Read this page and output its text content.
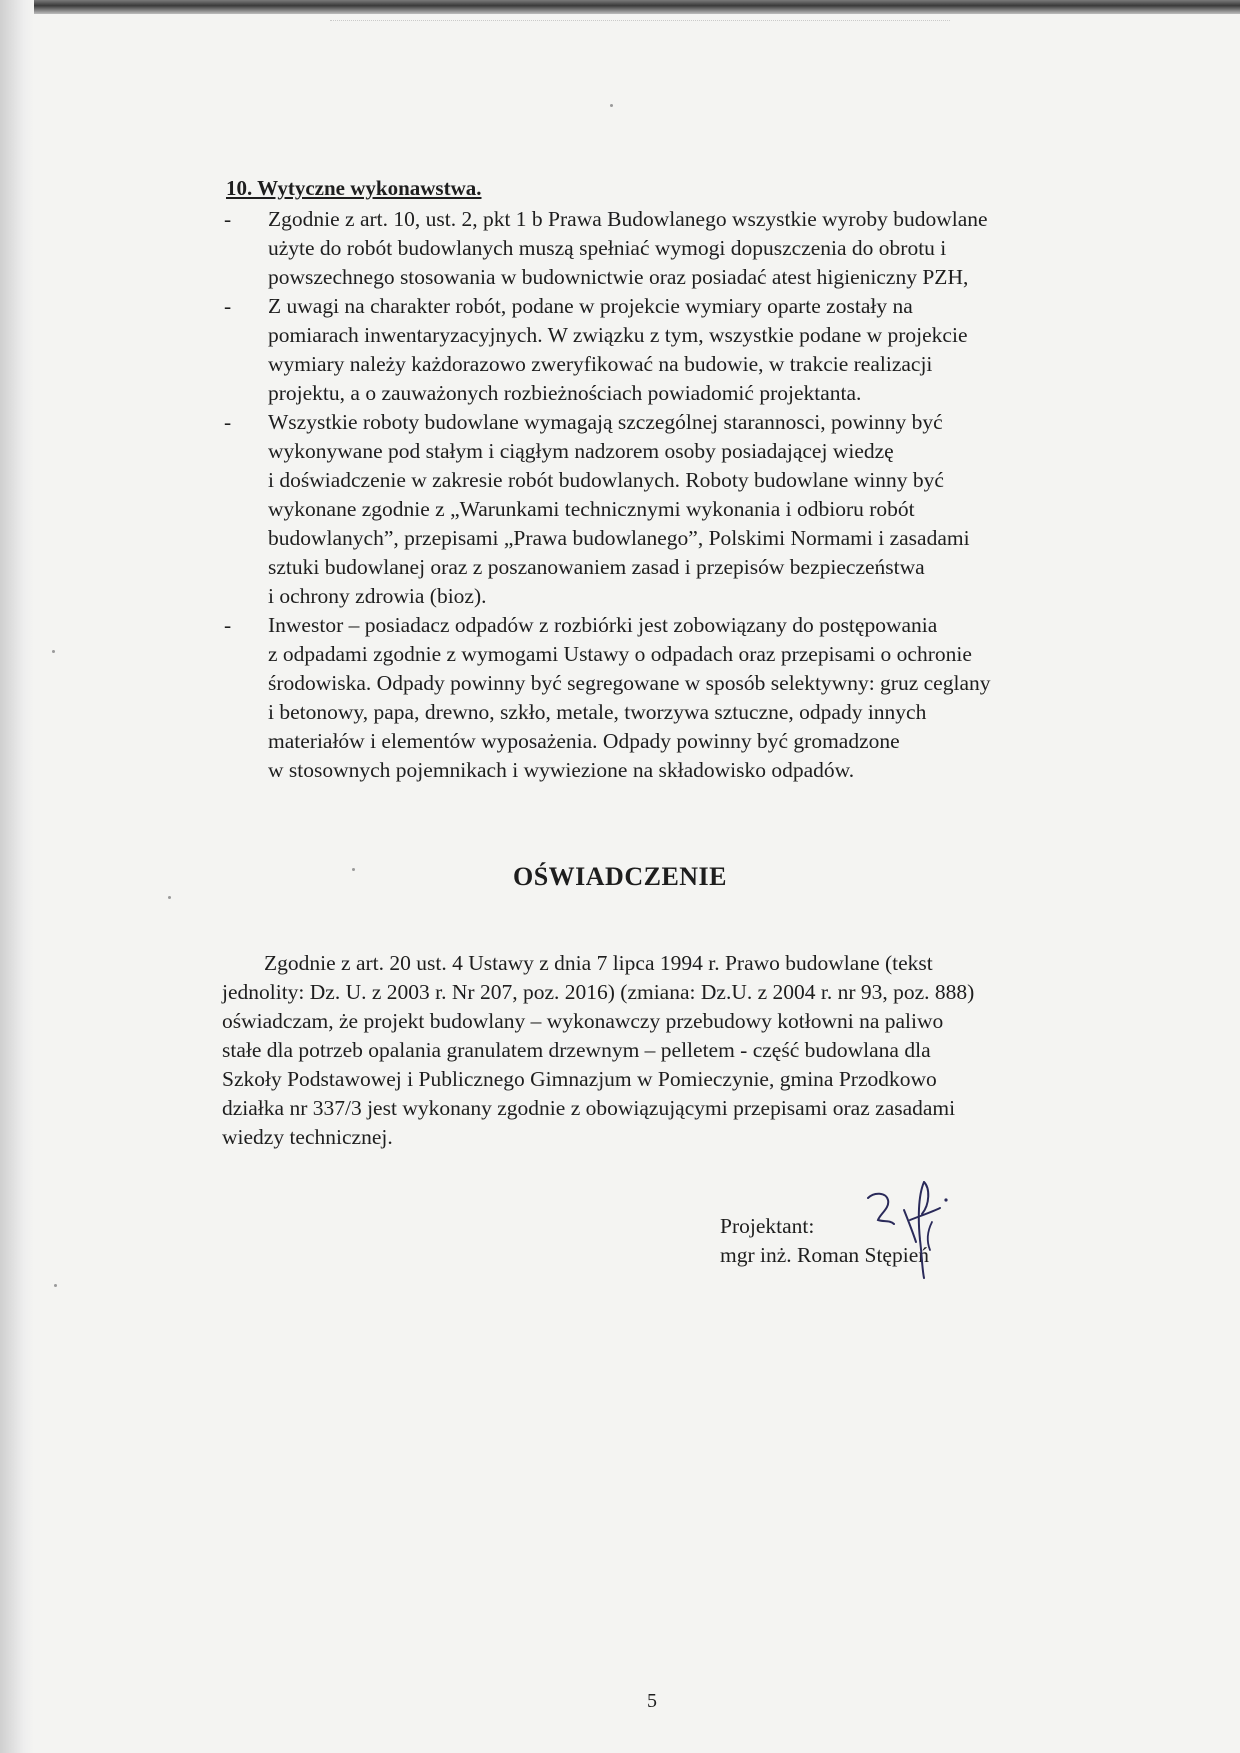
10. Wytyczne wykonawstwa.
- Zgodnie z art. 10, ust. 2, pkt 1 b Prawa Budowlanego wszystkie wyroby budowlane
użyte do robót budowlanych muszą spełniać wymogi dopuszczenia do obrotu i
powszechnego stosowania w budownictwie oraz posiadać atest higieniczny PZH,
- Z uwagi na charakter robót, podane w projekcie wymiary oparte zostały na
pomiarach inwentaryzacyjnych. W związku z tym, wszystkie podane w projekcie
wymiary należy każdorazowo zweryfikować na budowie, w trakcie realizacji
projektu, a o zauważonych rozbieżnościach powiadomić projektanta.
- Wszystkie roboty budowlane wymagają szczególnej starannosci, powinny być
wykonywane pod stałym i ciągłym nadzorem osoby posiadającej wiedzę
i doświadczenie w zakresie robót budowlanych. Roboty budowlane winny być
wykonane zgodnie z „Warunkami technicznymi wykonania i odbioru robót
budowlanych”, przepisami „Prawa budowlanego”, Polskimi Normami i zasadami
sztuki budowlanej oraz z poszanowaniem zasad i przepisów bezpieczeństwa
i ochrony zdrowia (bioz).
- Inwestor – posiadacz odpadów z rozbiórki jest zobowiązany do postępowania
z odpadami zgodnie z wymogami Ustawy o odpadach oraz przepisami o ochronie
środowiska. Odpady powinny być segregowane w sposób selektywny: gruz ceglany
i betonowy, papa, drewno, szkło, metale, tworzywa sztuczne, odpady innych
materiałów i elementów wyposażenia. Odpady powinny być gromadzone
w stosownych pojemnikach i wywiezione na składowisko odpadów.
OŚWIADCZENIE

Zgodnie z art. 20 ust. 4 Ustawy z dnia 7 lipca 1994 r. Prawo budowlane (tekst
jednolity: Dz. U. z 2003 r. Nr 207, poz. 2016) (zmiana: Dz.U. z 2004 r. nr 93, poz. 888)
oświadczam, że projekt budowlany – wykonawczy przebudowy kotłowni na paliwo
stałe dla potrzeb opalania granulatem drzewnym – pelletem - część budowlana dla
Szkoły Podstawowej i Publicznego Gimnazjum w Pomieczynie, gmina Przodkowo
działka nr 337/3 jest wykonany zgodnie z obowiązującymi przepisami oraz zasadami
wiedzy technicznej.

Projektant:
mgr inż. Roman Stępień
5
